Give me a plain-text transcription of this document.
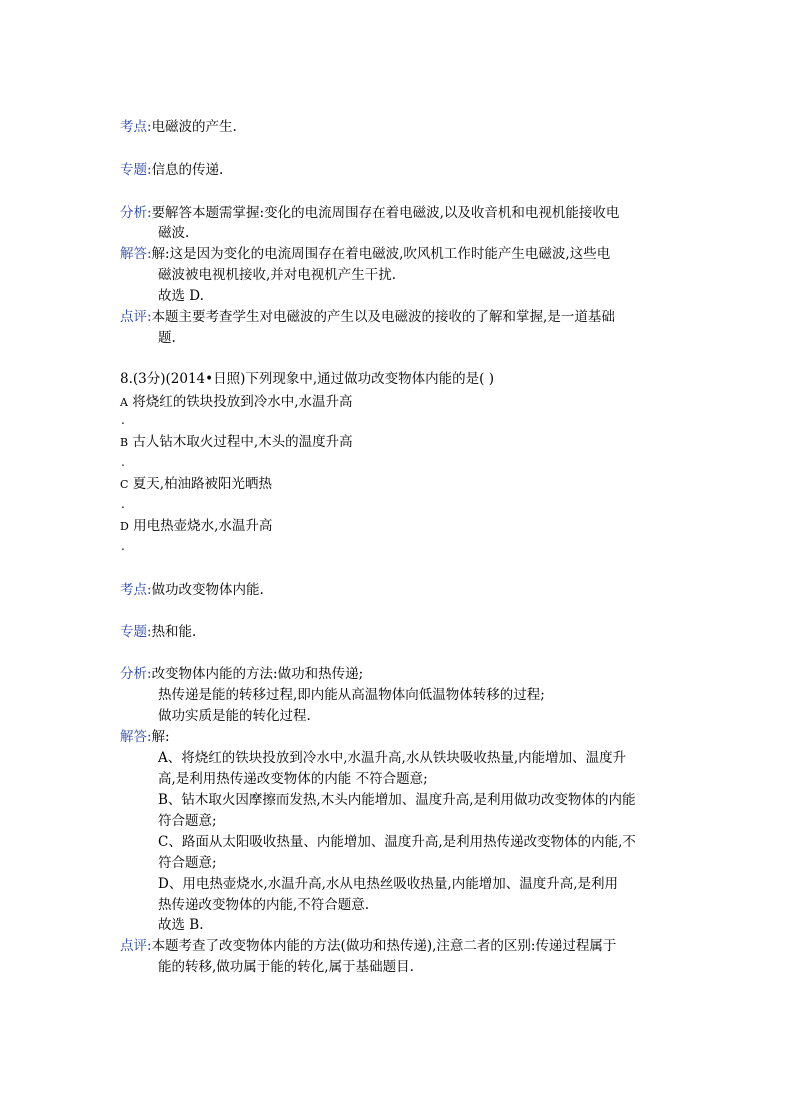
考点:电磁波的产生.
专题:信息的传递.
分析:要解答本题需掌握:变化的电流周围存在着电磁波,以及收音机和电视机能接收电
磁波.
解答:解:这是因为变化的电流周围存在着电磁波,吹风机工作时能产生电磁波,这些电
磁波被电视机接收,并对电视机产生干扰.
故选 D.
点评:本题主要考查学生对电磁波的产生以及电磁波的接收的了解和掌握,是一道基础
题.
8.(3分)(2014•日照)下列现象中,通过做功改变物体内能的是( )
A 将烧红的铁块投放到冷水中,水温升高
.
B 古人钻木取火过程中,木头的温度升高
.
C 夏天,柏油路被阳光晒热
.
D 用电热壶烧水,水温升高
.
考点:做功改变物体内能.
专题:热和能.
分析:改变物体内能的方法:做功和热传递;
热传递是能的转移过程,即内能从高温物体向低温物体转移的过程;
做功实质是能的转化过程.
解答:解:
A、将烧红的铁块投放到冷水中,水温升高,水从铁块吸收热量,内能增加、温度升
高,是利用热传递改变物体的内能 不符合题意;
B、钻木取火因摩擦而发热,木头内能增加、温度升高,是利用做功改变物体的内能
符合题意;
C、路面从太阳吸收热量、内能增加、温度升高,是利用热传递改变物体的内能,不
符合题意;
D、用电热壶烧水,水温升高,水从电热丝吸收热量,内能增加、温度升高,是利用
热传递改变物体的内能,不符合题意.
故选 B.
点评:本题考查了改变物体内能的方法(做功和热传递),注意二者的区别:传递过程属于
能的转移,做功属于能的转化,属于基础题目.
